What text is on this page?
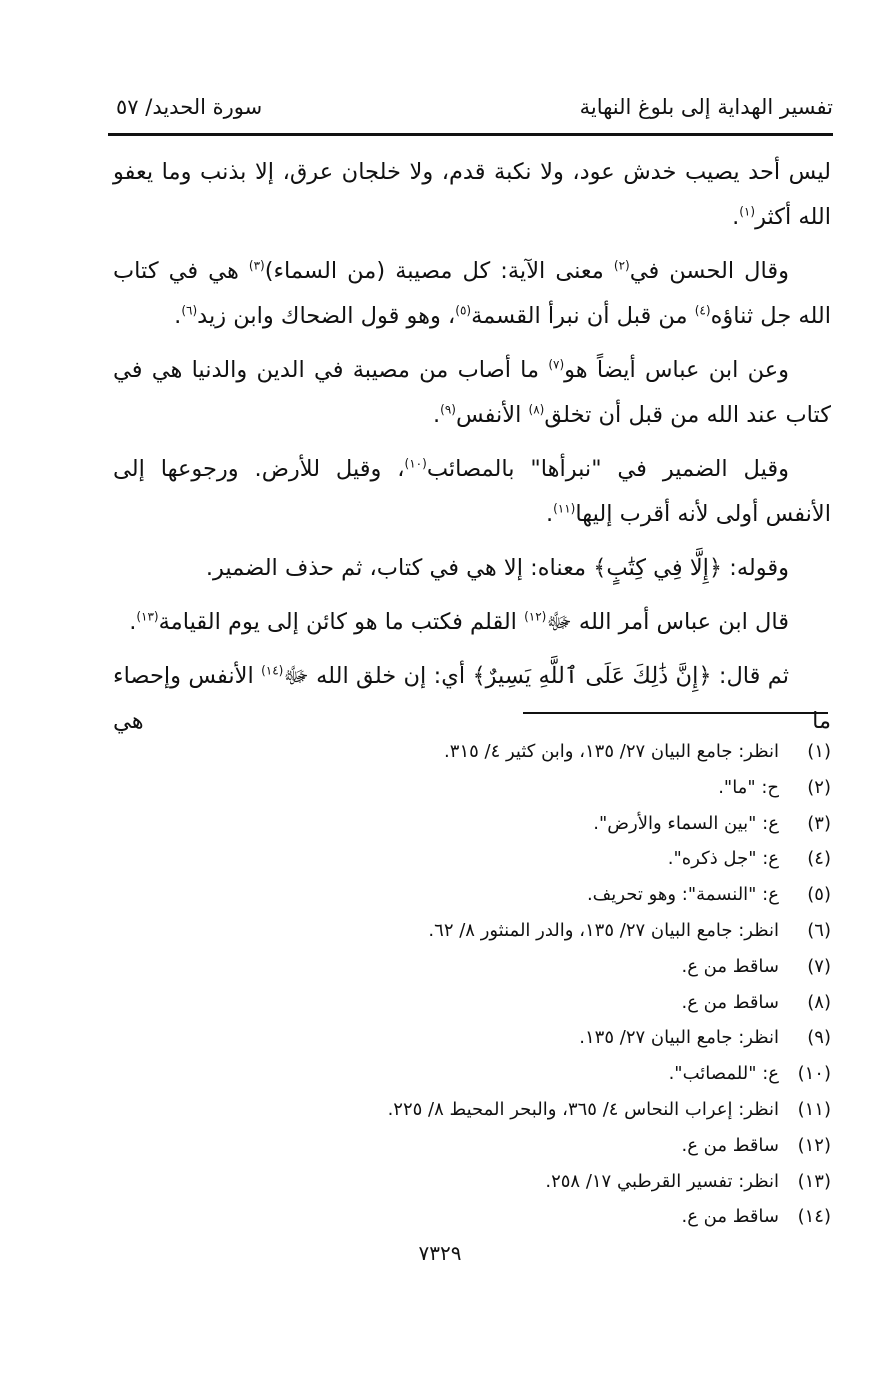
تفسير الهداية إلى بلوغ النهاية
سورة الحديد/ ٥٧

ليس أحد يصيب خدش عود، ولا نكبة قدم، ولا خلجان عرق، إلا بذنب وما يعفو الله أكثر$^{(١)}$.

وقال الحسن في$^{(٢)}$ معنى الآية: كل مصيبة (من السماء)$^{(٣)}$ هي في كتاب الله جل ثناؤه$^{(٤)}$ من قبل أن نبرأ القسمة$^{(٥)}$، وهو قول الضحاك وابن زيد$^{(٦)}$.

وعن ابن عباس أيضاً هو$^{(٧)}$ ما أصاب من مصيبة في الدين والدنيا هي في كتاب عند الله من قبل أن تخلق$^{(٨)}$ الأنفس$^{(٩)}$.

وقيل الضمير في "نبرأها" بالمصائب$^{(١٠)}$، وقيل للأرض. ورجوعها إلى الأنفس أولى لأنه أقرب إليها$^{(١١)}$.

وقوله: ﴿إِلَّا فِي كِتَٰبٍ﴾ معناه: إلا هي في كتاب، ثم حذف الضمير.

قال ابن عباس أمر الله ﷻ$^{(١٢)}$ القلم فكتب ما هو كائن إلى يوم القيامة$^{(١٣)}$.

ثم قال: ﴿إِنَّ ذَٰلِكَ عَلَى ٱللَّهِ يَسِيرٌ﴾ أي: إن خلق الله ﷻ$^{(١٤)}$ الأنفس وإحصاء ما هي

(١)
انظر: جامع البيان ٢٧/ ١٣٥، وابن كثير ٤/ ٣١٥.
(٢)
ح: "ما".
(٣)
ع: "بين السماء والأرض".
(٤)
ع: "جل ذكره".
(٥)
ع: "النسمة": وهو تحريف.
(٦)
انظر: جامع البيان ٢٧/ ١٣٥، والدر المنثور ٨/ ٦٢.
(٧)
ساقط من ع.
(٨)
ساقط من ع.
(٩)
انظر: جامع البيان ٢٧/ ١٣٥.
(١٠)
ع: "للمصائب".
(١١)
انظر: إعراب النحاس ٤/ ٣٦٥، والبحر المحيط ٨/ ٢٢٥.
(١٢)
ساقط من ع.
(١٣)
انظر: تفسير القرطبي ١٧/ ٢٥٨.
(١٤)
ساقط من ع.
٧٣٢٩
